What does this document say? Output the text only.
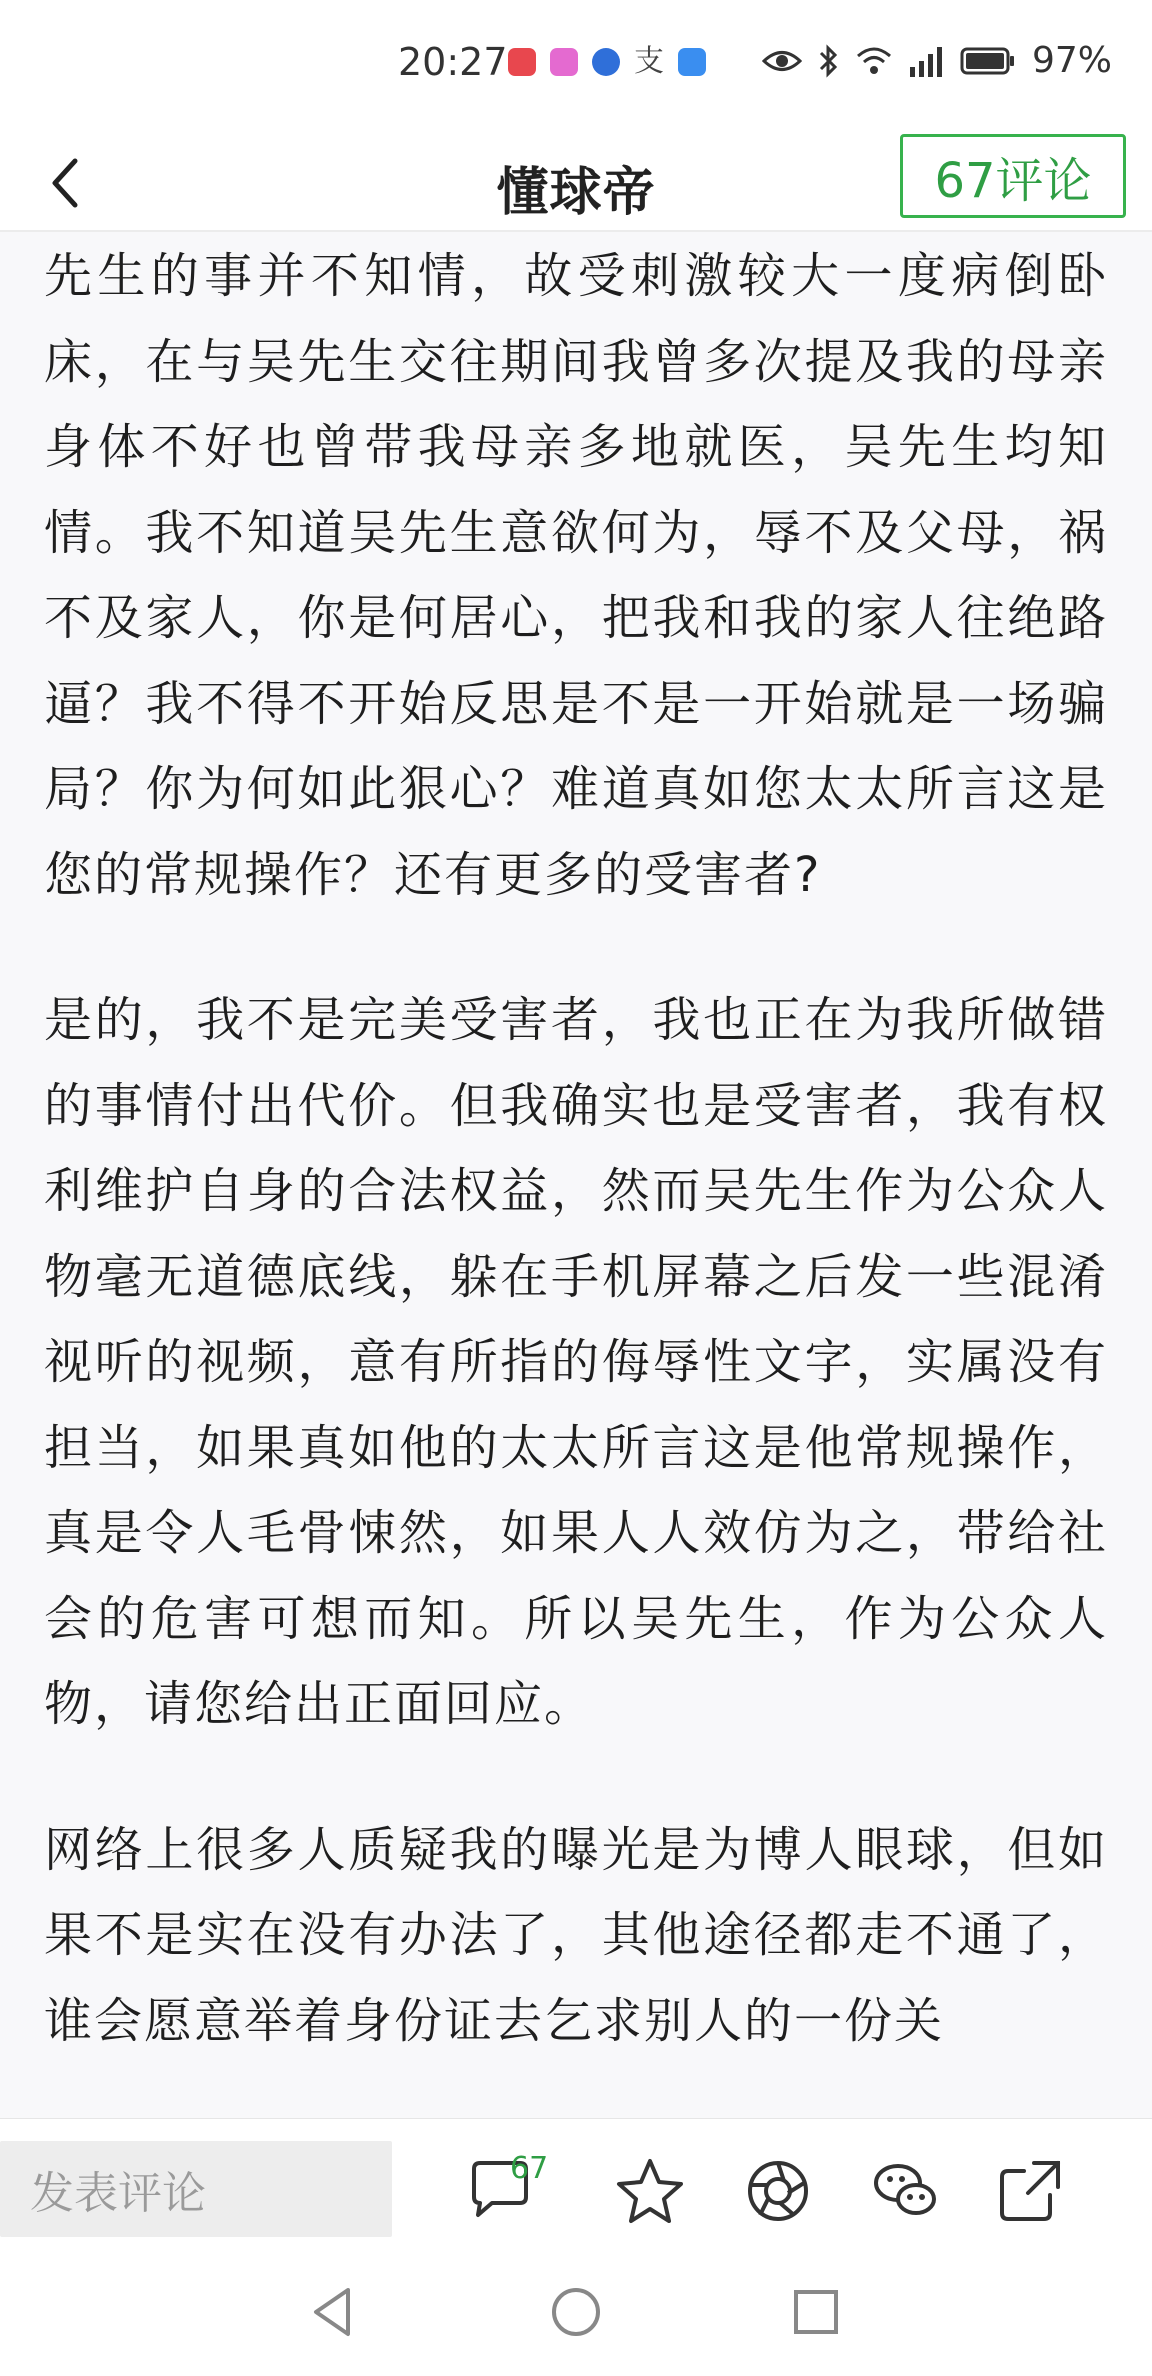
20:27	支	97%
懂球帝	67评论

先生的事并不知情，故受刺激较大一度病倒卧床，在与吴先生交往期间我曾多次提及我的母亲身体不好也曾带我母亲多地就医，吴先生均知情。我不知道吴先生意欲何为，辱不及父母，祸不及家人，你是何居心，把我和我的家人往绝路逼？我不得不开始反思是不是一开始就是一场骗局？你为何如此狠心？难道真如您太太所言这是您的常规操作？还有更多的受害者?

是的，我不是完美受害者，我也正在为我所做错的事情付出代价。但我确实也是受害者，我有权利维护自身的合法权益，然而吴先生作为公众人物毫无道德底线，躲在手机屏幕之后发一些混淆视听的视频，意有所指的侮辱性文字，实属没有担当，如果真如他的太太所言这是他常规操作，真是令人毛骨悚然，如果人人效仿为之，带给社会的危害可想而知。所以吴先生，作为公众人物，请您给出正面回应。

网络上很多人质疑我的曝光是为博人眼球，但如果不是实在没有办法了，其他途径都走不通了，谁会愿意举着身份证去乞求别人的一份关

发表评论	67
